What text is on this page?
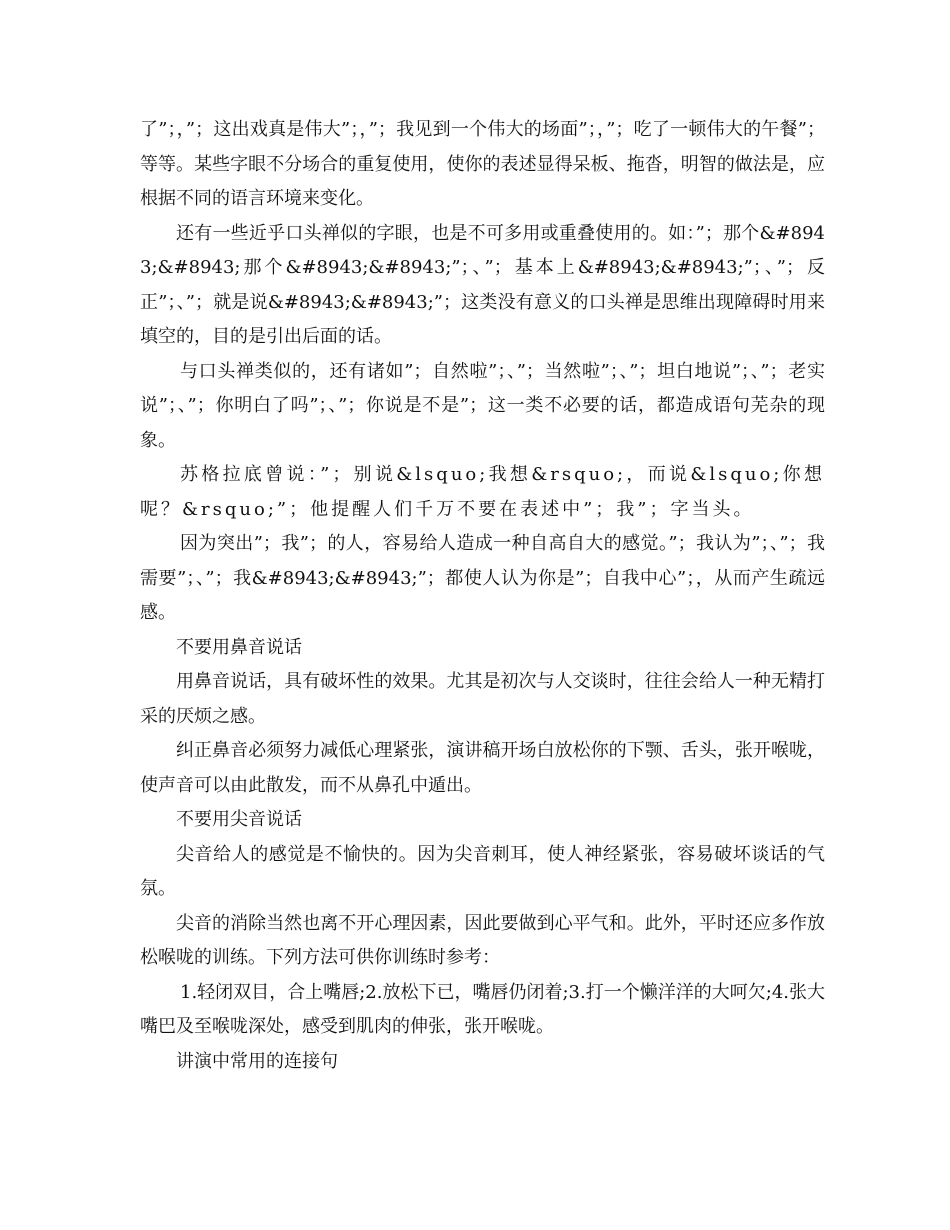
了”；，”；这出戏真是伟大”；，”；我见到一个伟大的场面”；，”；吃了一顿伟大的午餐”；等等。某些字眼不分场合的重复使用，使你的表述显得呆板、拖沓，明智的做法是，应根据不同的语言环境来变化。

还有一些近乎口头禅似的字眼，也是不可多用或重叠使用的。如：”；那个&#8943;&#8943;那个&#8943;&#8943;”；、”；基本上&#8943;&#8943;”；、”；反正”；、”；就是说&#8943;&#8943;”；这类没有意义的口头禅是思维出现障碍时用来填空的，目的是引出后面的话。

与口头禅类似的，还有诸如”；自然啦”；、”；当然啦”；、”；坦白地说”；、”；老实说”；、”；你明白了吗”；、”；你说是不是”；这一类不必要的话，都造成语句芜杂的现象。

苏格拉底曾说：”；别说&lsquo;我想&rsquo;，而说&lsquo;你想呢？&rsquo;”；他提醒人们千万不要在表述中”；我”；字当头。

因为突出”；我”；的人，容易给人造成一种自高自大的感觉。”；我认为”；、”；我需要”；、”；我&#8943;&#8943;”；都使人认为你是”；自我中心”；，从而产生疏远感。

不要用鼻音说话

用鼻音说话，具有破坏性的效果。尤其是初次与人交谈时，往往会给人一种无精打采的厌烦之感。

纠正鼻音必须努力减低心理紧张，演讲稿开场白放松你的下颚、舌头，张开喉咙，使声音可以由此散发，而不从鼻孔中遁出。

不要用尖音说话

尖音给人的感觉是不愉快的。因为尖音刺耳，使人神经紧张，容易破坏谈话的气氛。

尖音的消除当然也离不开心理因素，因此要做到心平气和。此外，平时还应多作放松喉咙的训练。下列方法可供你训练时参考：

1.轻闭双目，合上嘴唇;2.放松下已，嘴唇仍闭着;3.打一个懒洋洋的大呵欠;4.张大嘴巴及至喉咙深处，感受到肌肉的伸张，张开喉咙。

讲演中常用的连接句
